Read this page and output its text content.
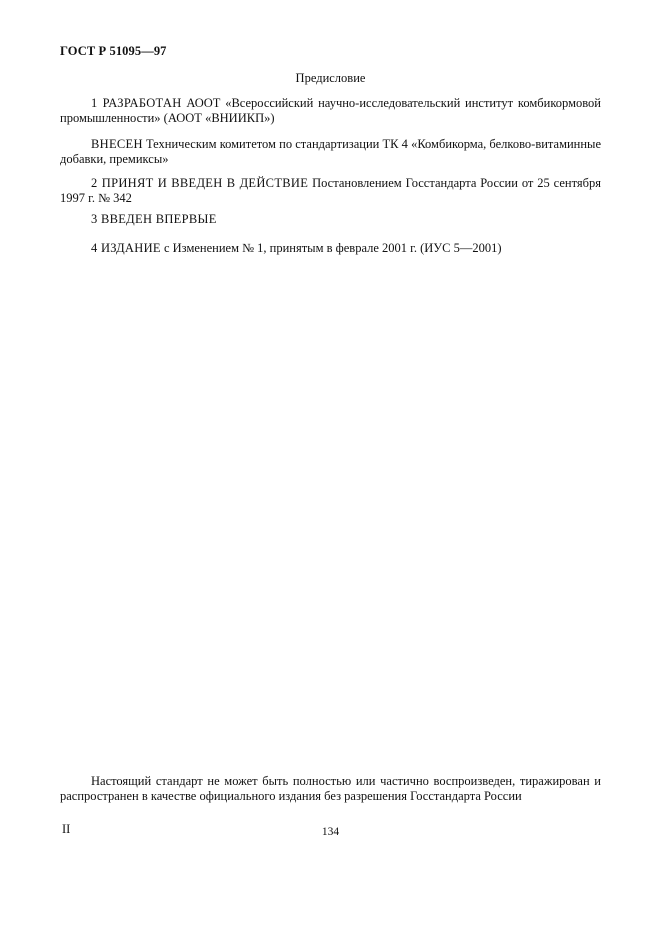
ГОСТ Р 51095—97
Предисловие
1 РАЗРАБОТАН АООТ «Всероссийский научно-исследовательский институт комбикормовой промышленности» (АООТ «ВНИИКП»)
ВНЕСЕН Техническим комитетом по стандартизации ТК 4 «Комбикорма, белково-витаминные добавки, премиксы»
2 ПРИНЯТ И ВВЕДЕН В ДЕЙСТВИЕ Постановлением Госстандарта России от 25 сентября 1997 г. № 342
3 ВВЕДЕН ВПЕРВЫЕ
4 ИЗДАНИЕ с Изменением № 1, принятым в феврале 2001 г. (ИУС 5—2001)
Настоящий стандарт не может быть полностью или частично воспроизведен, тиражирован и распространен в качестве официального издания без разрешения Госстандарта России
II	134
